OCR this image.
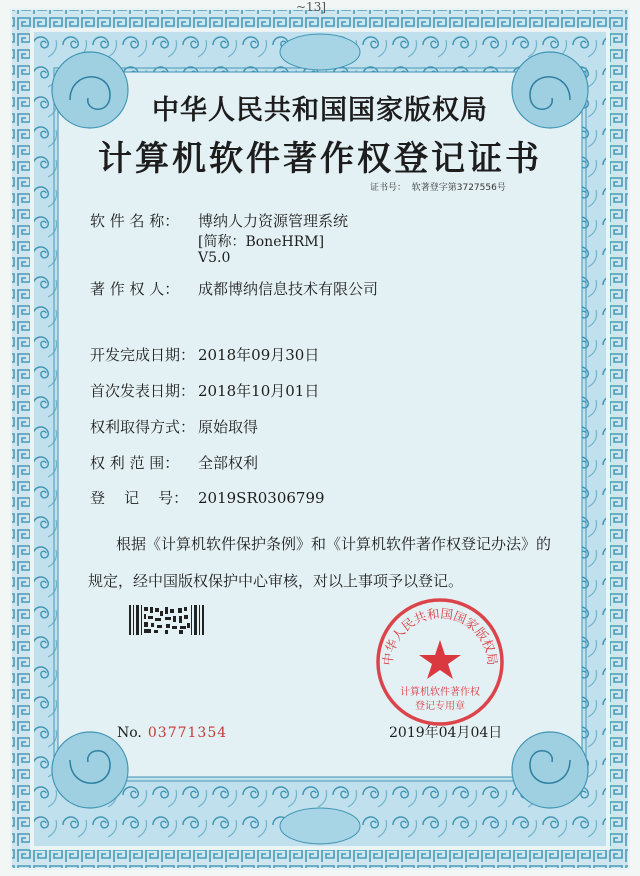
~13]
中华人民共和国国家版权局
计算机软件著作权登记证书
证书号： 软著登字第3727556号
软 件 名 称： 博纳人力资源管理系统
[简称：BoneHRM]
V5.0
著 作 权 人： 成都博纳信息技术有限公司
开发完成日期： 2018年09月30日
首次发表日期： 2018年10月01日
权利取得方式： 原始取得
权 利 范 围： 全部权利
登    记    号： 2019SR0306799
根据《计算机软件保护条例》和《计算机软件著作权登记办法》的
规定，经中国版权保护中心审核，对以上事项予以登记。
No. 03771354	2019年04月04日
中华人民共和国国家版权局
计算机软件著作权
登记专用章
